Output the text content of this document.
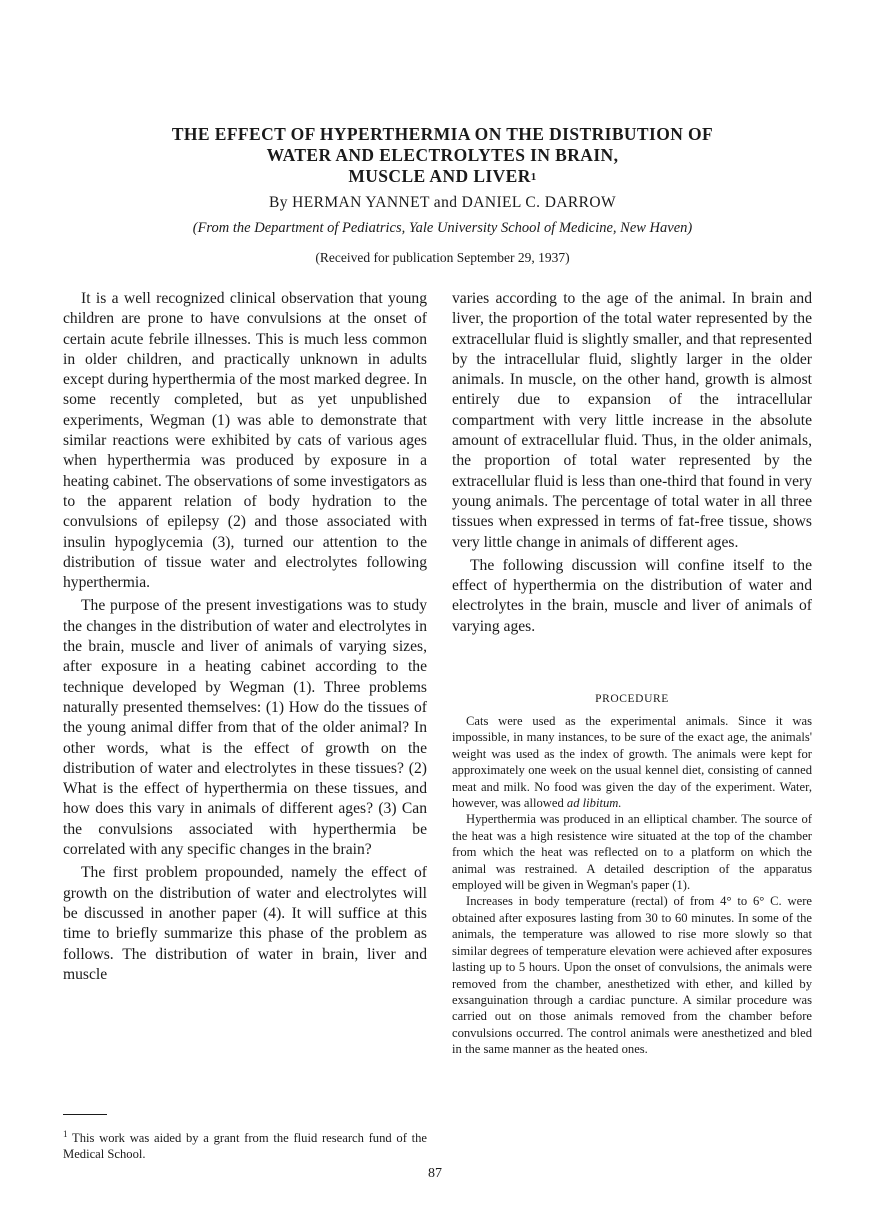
THE EFFECT OF HYPERTHERMIA ON THE DISTRIBUTION OF
WATER AND ELECTROLYTES IN BRAIN,
MUSCLE AND LIVER$^1$
By HERMAN YANNET and DANIEL C. DARROW
(From the Department of Pediatrics, Yale University School of Medicine, New Haven)
(Received for publication September 29, 1937)

It is a well recognized clinical observation that young children are prone to have convulsions at the onset of certain acute febrile illnesses. This is much less common in older children, and practically unknown in adults except during hyperthermia of the most marked degree. In some recently completed, but as yet unpublished experiments, Wegman (1) was able to demonstrate that similar reactions were exhibited by cats of various ages when hyperthermia was produced by exposure in a heating cabinet. The observations of some investigators as to the apparent relation of body hydration to the convulsions of epilepsy (2) and those associated with insulin hypoglycemia (3), turned our attention to the distribution of tissue water and electrolytes following hyperthermia.

The purpose of the present investigations was to study the changes in the distribution of water and electrolytes in the brain, muscle and liver of animals of varying sizes, after exposure in a heating cabinet according to the technique developed by Wegman (1). Three problems naturally presented themselves: (1) How do the tissues of the young animal differ from that of the older animal? In other words, what is the effect of growth on the distribution of water and electrolytes in these tissues? (2) What is the effect of hyperthermia on these tissues, and how does this vary in animals of different ages? (3) Can the convulsions associated with hyperthermia be correlated with any specific changes in the brain?

The first problem propounded, namely the effect of growth on the distribution of water and electrolytes will be discussed in another paper (4). It will suffice at this time to briefly summarize this phase of the problem as follows. The distribution of water in brain, liver and muscle

varies according to the age of the animal. In brain and liver, the proportion of the total water represented by the extracellular fluid is slightly smaller, and that represented by the intracellular fluid, slightly larger in the older animals. In muscle, on the other hand, growth is almost entirely due to expansion of the intracellular compartment with very little increase in the absolute amount of extracellular fluid. Thus, in the older animals, the proportion of total water represented by the extracellular fluid is less than one-third that found in very young animals. The percentage of total water in all three tissues when expressed in terms of fat-free tissue, shows very little change in animals of different ages.

The following discussion will confine itself to the effect of hyperthermia on the distribution of water and electrolytes in the brain, muscle and liver of animals of varying ages.

PROCEDURE

Cats were used as the experimental animals. Since it was impossible, in many instances, to be sure of the exact age, the animals' weight was used as the index of growth. The animals were kept for approximately one week on the usual kennel diet, consisting of canned meat and milk. No food was given the day of the experiment. Water, however, was allowed ad libitum.

Hyperthermia was produced in an elliptical chamber. The source of the heat was a high resistence wire situated at the top of the chamber from which the heat was reflected on to a platform on which the animal was restrained. A detailed description of the apparatus employed will be given in Wegman's paper (1).

Increases in body temperature (rectal) of from 4° to 6° C. were obtained after exposures lasting from 30 to 60 minutes. In some of the animals, the temperature was allowed to rise more slowly so that similar degrees of temperature elevation were achieved after exposures lasting up to 5 hours. Upon the onset of convulsions, the animals were removed from the chamber, anesthetized with ether, and killed by exsanguination through a cardiac puncture. A similar procedure was carried out on those animals removed from the chamber before convulsions occurred. The control animals were anesthetized and bled in the same manner as the heated ones.

$^1$ This work was aided by a grant from the fluid research fund of the Medical School.
87
